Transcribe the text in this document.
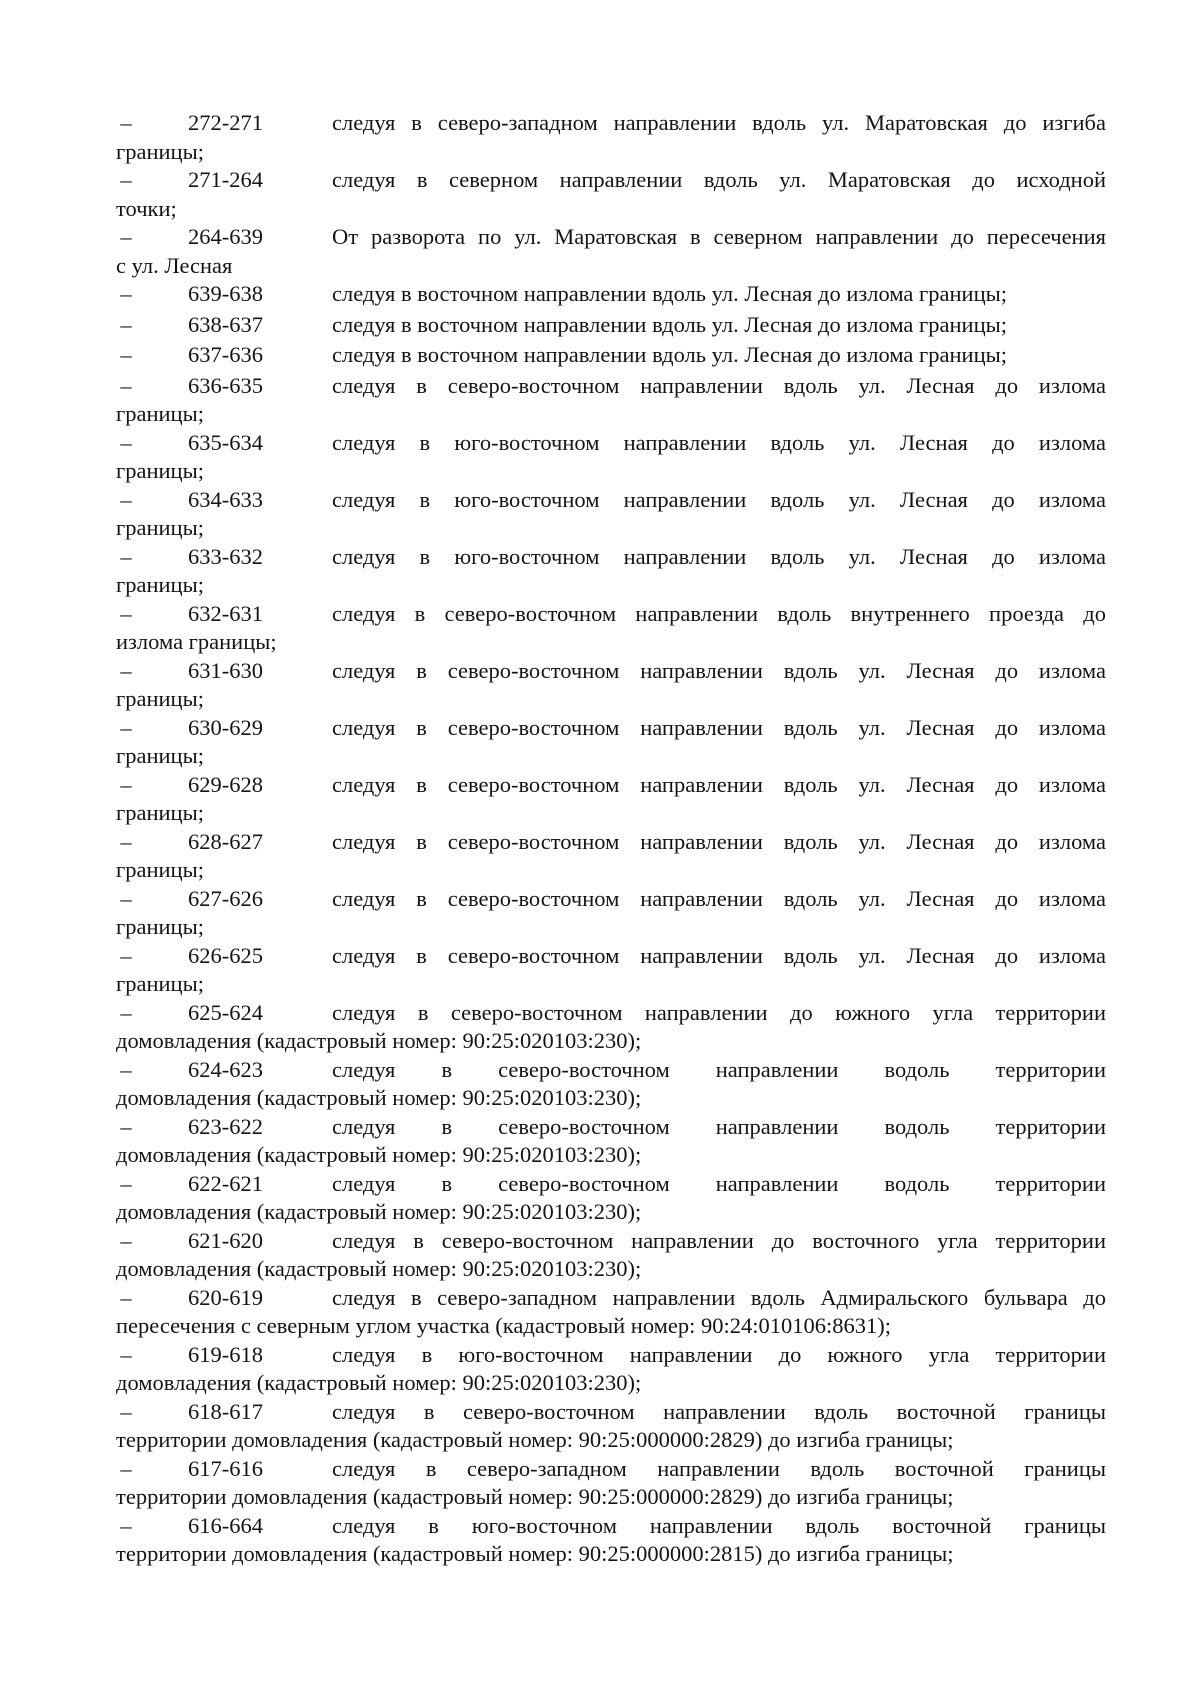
–	272-271	следуя в северо-западном направлении вдоль ул. Маратовская до изгиба
границы;
–	271-264	следуя в северном направлении вдоль ул. Маратовская до исходной
точки;
–	264-639	От разворота по ул. Маратовская в северном направлении до пересечения
с ул. Лесная
–	639-638	следуя в восточном направлении вдоль ул. Лесная до излома границы;
–	638-637	следуя в восточном направлении вдоль ул. Лесная до излома границы;
–	637-636	следуя в восточном направлении вдоль ул. Лесная до излома границы;
–	636-635	следуя в северо-восточном направлении вдоль ул. Лесная до излома
границы;
–	635-634	следуя в юго-восточном направлении вдоль ул. Лесная до излома
границы;
–	634-633	следуя в юго-восточном направлении вдоль ул. Лесная до излома
границы;
–	633-632	следуя в юго-восточном направлении вдоль ул. Лесная до излома
границы;
–	632-631	следуя в северо-восточном направлении вдоль внутреннего проезда до
излома границы;
–	631-630	следуя в северо-восточном направлении вдоль ул. Лесная до излома
границы;
–	630-629	следуя в северо-восточном направлении вдоль ул. Лесная до излома
границы;
–	629-628	следуя в северо-восточном направлении вдоль ул. Лесная до излома
границы;
–	628-627	следуя в северо-восточном направлении вдоль ул. Лесная до излома
границы;
–	627-626	следуя в северо-восточном направлении вдоль ул. Лесная до излома
границы;
–	626-625	следуя в северо-восточном направлении вдоль ул. Лесная до излома
границы;
–	625-624	следуя в северо-восточном направлении до южного угла территории
домовладения (кадастровый номер: 90:25:020103:230);
–	624-623	следуя в северо-восточном направлении водоль территории
домовладения (кадастровый номер: 90:25:020103:230);
–	623-622	следуя в северо-восточном направлении водоль территории
домовладения (кадастровый номер: 90:25:020103:230);
–	622-621	следуя в северо-восточном направлении водоль территории
домовладения (кадастровый номер: 90:25:020103:230);
–	621-620	следуя в северо-восточном направлении до восточного угла территории
домовладения (кадастровый номер: 90:25:020103:230);
–	620-619	следуя в северо-западном направлении вдоль Адмиральского бульвара до
пересечения с северным углом участка (кадастровый номер: 90:24:010106:8631);
–	619-618	следуя в юго-восточном направлении до южного угла территории
домовладения (кадастровый номер: 90:25:020103:230);
–	618-617	следуя в северо-восточном направлении вдоль восточной границы
территории домовладения (кадастровый номер: 90:25:000000:2829) до изгиба границы;
–	617-616	следуя в северо-западном направлении вдоль восточной границы
территории домовладения (кадастровый номер: 90:25:000000:2829) до изгиба границы;
–	616-664	следуя в юго-восточном направлении вдоль восточной границы
территории домовладения (кадастровый номер: 90:25:000000:2815) до изгиба границы;
